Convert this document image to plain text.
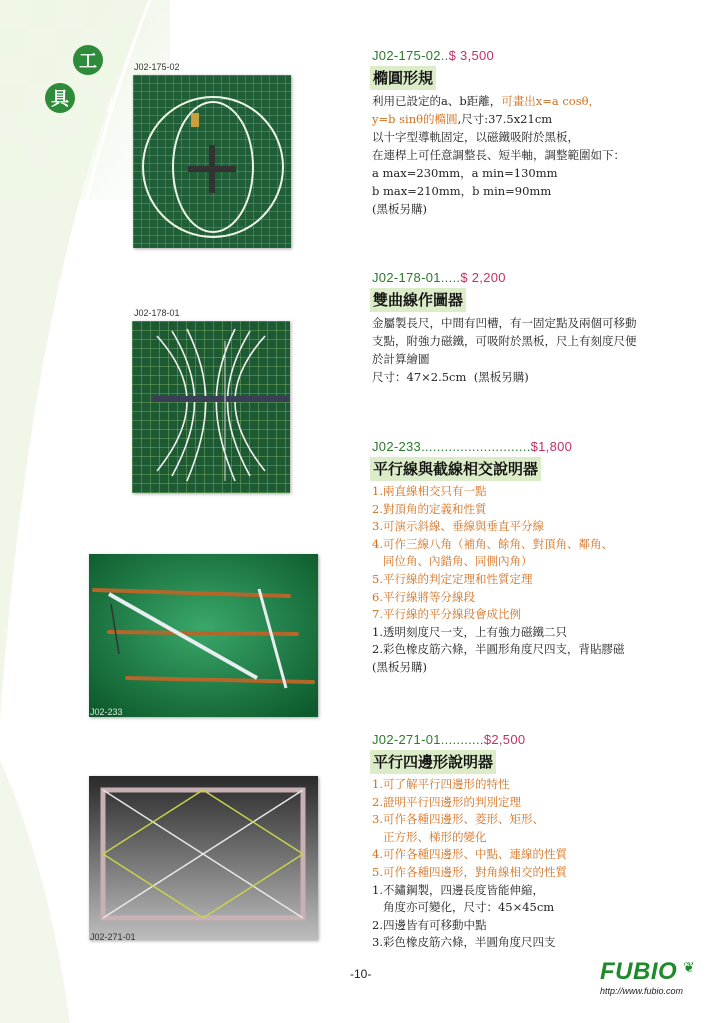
工
具
J02-175-02
J02-175-02..$ 3,500
橢圓形規
利用已設定的a、b距離，可畫出x=a cosθ，
y=b sinθ的橢圓,尺寸:37.5x21cm
以十字型導軌固定，以磁鐵吸附於黑板，
在連桿上可任意調整長、短半軸，調整範圍如下：
a max=230mm，a min=130mm
b max=210mm，b min=90mm
(黑板另購)
J02-178-01
J02-178-01.....$ 2,200
雙曲線作圖器
金屬製長尺，中間有凹槽，有一固定點及兩個可移動
支點，附強力磁鐵，可吸附於黑板，尺上有刻度尺便
於計算繪圖
尺寸：47×2.5cm  (黑板另購)
J02-233
J02-233............................$1,800
平行線與截線相交說明器
1.兩直線相交只有一點
2.對頂角的定義和性質
3.可演示斜線、垂線與垂直平分線
4.可作三線八角（補角、餘角、對頂角、鄰角、
同位角、內錯角、同側內角）
5.平行線的判定定理和性質定理
6.平行線將等分線段
7.平行線的平分線段會成比例
1.透明刻度尺一支，上有強力磁鐵二只
2.彩色橡皮筋六條，半圓形角度尺四支，背貼膠磁
(黑板另購)
J02-271-01
J02-271-01...........$2,500
平行四邊形說明器
1.可了解平行四邊形的特性
2.證明平行四邊形的判別定理
3.可作各種四邊形、菱形、矩形、
正方形、梯形的變化
4.可作各種四邊形、中點、連線的性質
5.可作各種四邊形，對角線相交的性質
1.不鏽鋼製，四邊長度皆能伸縮，
角度亦可變化，尺寸：45×45cm
2.四邊皆有可移動中點
3.彩色橡皮筋六條，半圓角度尺四支
-10-	FUBIO ❦
http://www.fubio.com
